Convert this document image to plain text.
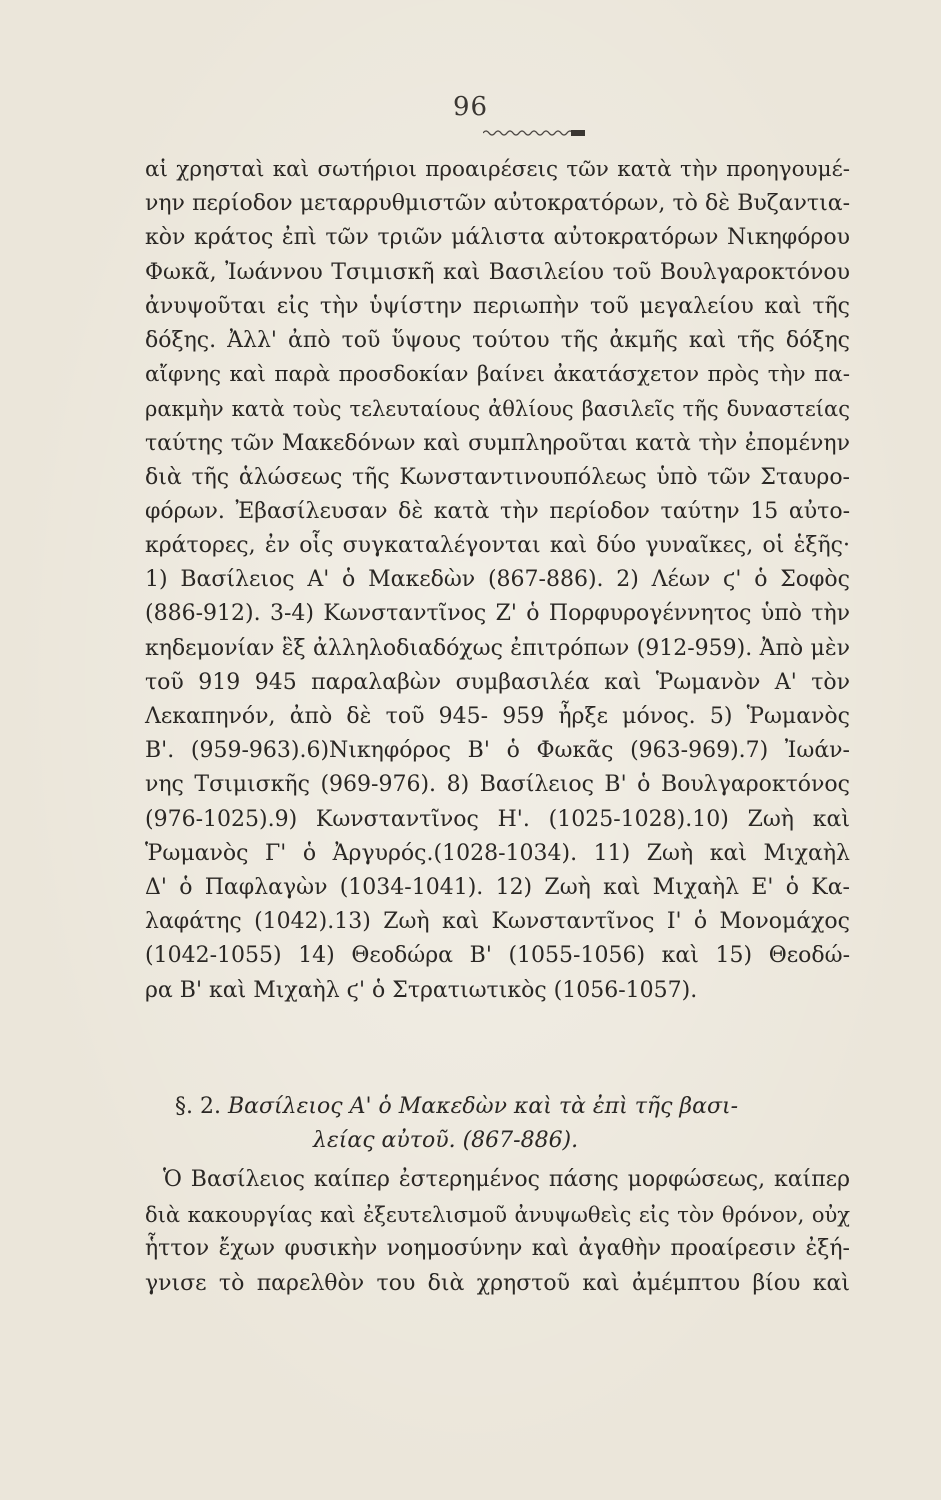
96
αἱ χρησταὶ καὶ σωτήριοι προαιρέσεις τῶν κατὰ τὴν προηγουμέ-
νην περίοδον μεταρρυθμιστῶν αὐτοκρατόρων, τὸ δὲ Βυζαντια-
κὸν κράτος ἐπὶ τῶν τριῶν μάλιστα αὐτοκρατόρων Νικηφόρου
Φωκᾶ, Ἰωάννου Τσιμισκῆ καὶ Βασιλείου τοῦ Βουλγαροκτόνου
ἀνυψοῦται εἰς τὴν ὑψίστην περιωπὴν τοῦ μεγαλείου καὶ τῆς
δόξης. Ἀλλ' ἀπὸ τοῦ ὕψους τούτου τῆς ἀκμῆς καὶ τῆς δόξης
αἴφνης καὶ παρὰ προσδοκίαν βαίνει ἀκατάσχετον πρὸς τὴν πα-
ρακμὴν κατὰ τοὺς τελευταίους ἀθλίους βασιλεῖς τῆς δυναστείας
ταύτης τῶν Μακεδόνων καὶ συμπληροῦται κατὰ τὴν ἐπομένην
διὰ τῆς ἁλώσεως τῆς Κωνσταντινουπόλεως ὑπὸ τῶν Σταυρο-
φόρων. Ἐβασίλευσαν δὲ κατὰ τὴν περίοδον ταύτην 15 αὐτο-
κράτορες, ἐν οἷς συγκαταλέγονται καὶ δύο γυναῖκες, οἱ ἑξῆς·
1) Βασίλειος Α' ὁ Μακεδὼν (867-886). 2) Λέων ϛ' ὁ Σοφὸς
(886-912). 3-4) Κωνσταντῖνος Ζ' ὁ Πορφυρογέννητος ὑπὸ τὴν
κηδεμονίαν ἓξ ἀλληλοδιαδόχως ἐπιτρόπων (912-959). Ἀπὸ μὲν
τοῦ 919 945 παραλαβὼν συμβασιλέα καὶ Ῥωμανὸν Α' τὸν
Λεκαπηνόν, ἀπὸ δὲ τοῦ 945- 959 ἦρξε μόνος. 5) Ῥωμανὸς
Β'. (959-963).6)Νικηφόρος Β' ὁ Φωκᾶς (963-969).7) Ἰωάν-
νης Τσιμισκῆς (969-976). 8) Βασίλειος Β' ὁ Βουλγαροκτόνος
(976-1025).9) Κωνσταντῖνος Η'. (1025-1028).10) Ζωὴ καὶ
Ῥωμανὸς Γ' ὁ Ἀργυρός.(1028-1034). 11) Ζωὴ καὶ Μιχαὴλ
Δ' ὁ Παφλαγὼν (1034-1041). 12) Ζωὴ καὶ Μιχαὴλ Ε' ὁ Κα-
λαφάτης (1042).13) Ζωὴ καὶ Κωνσταντῖνος Ι' ὁ Μονομάχος
(1042-1055) 14) Θεοδώρα Β' (1055-1056) καὶ 15) Θεοδώ-
ρα Β' καὶ Μιχαὴλ ϛ' ὁ Στρατιωτικὸς (1056-1057).
§. 2. Βασίλειος Α' ὁ Μακεδὼν καὶ τὰ ἐπὶ τῆς βασι-
λείας αὐτοῦ. (867-886).
Ὁ Βασίλειος καίπερ ἐστερημένος πάσης μορφώσεως, καίπερ
διὰ κακουργίας καὶ ἐξευτελισμοῦ ἀνυψωθεὶς εἰς τὸν θρόνον, οὐχ
ἧττον ἔχων φυσικὴν νοημοσύνην καὶ ἀγαθὴν προαίρεσιν ἐξή-
γνισε τὸ παρελθὸν του διὰ χρηστοῦ καὶ ἀμέμπτου βίου καὶ
